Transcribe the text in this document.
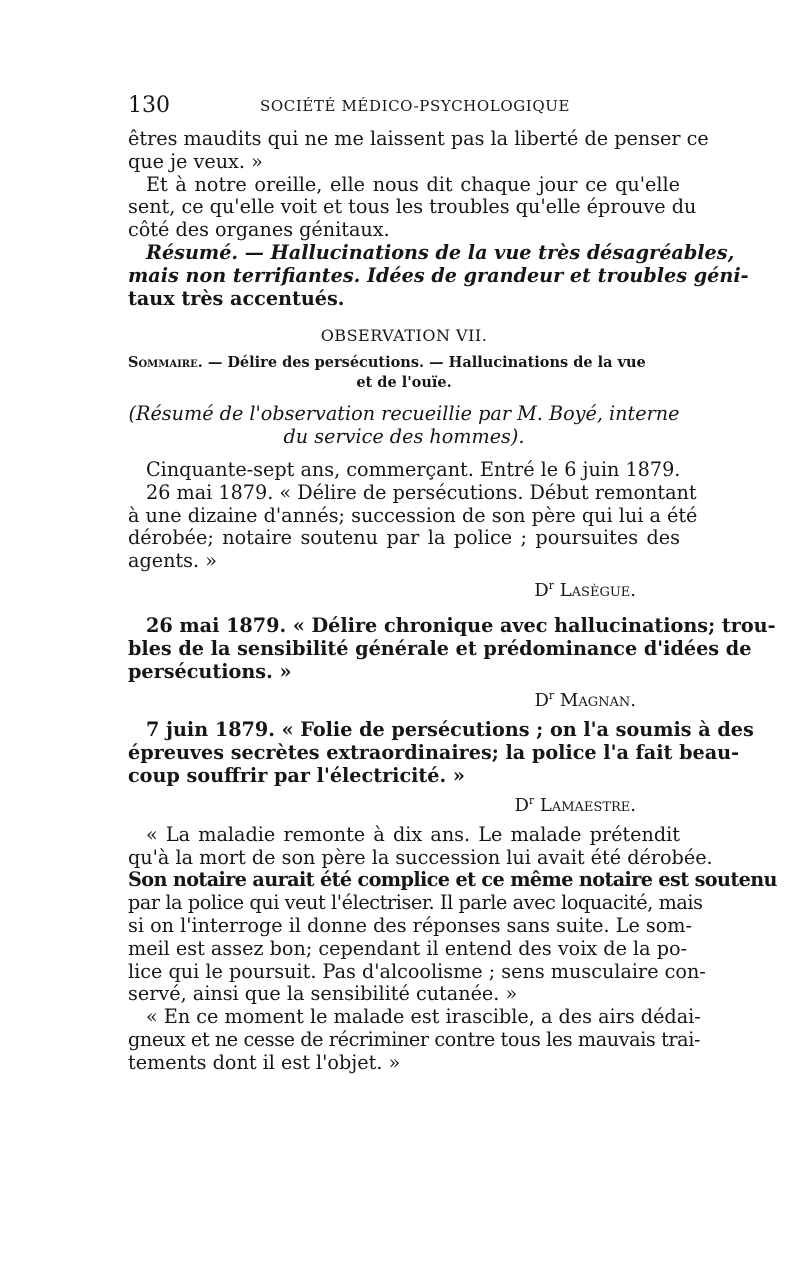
130	SOCIÉTÉ MÉDICO-PSYCHOLOGIQUE
êtres maudits qui ne me laissent pas la liberté de penser ce
que je veux. »
Et à notre oreille, elle nous dit chaque jour ce qu'elle
sent, ce qu'elle voit et tous les troubles qu'elle éprouve du
côté des organes génitaux.
Résumé. — Hallucinations de la vue très désagréables,
mais non terrifiantes. Idées de grandeur et troubles géni-
taux très accentués.
OBSERVATION VII.
Sommaire. — Délire des persécutions. — Hallucinations de la vue
et de l'ouïe.
(Résumé de l'observation recueillie par M. Boyé, interne
du service des hommes).
Cinquante-sept ans, commerçant. Entré le 6 juin 1879.
26 mai 1879. « Délire de persécutions. Début remontant
à une dizaine d'annés; succession de son père qui lui a été
dérobée; notaire soutenu par la police ; poursuites des
agents. »
$D^r$ Lasègue.
26 mai 1879. « Délire chronique avec hallucinations; trou-
bles de la sensibilité générale et prédominance d'idées de
persécutions. »
$D^r$ Magnan.
7 juin 1879. « Folie de persécutions ; on l'a soumis à des
épreuves secrètes extraordinaires; la police l'a fait beau-
coup souffrir par l'électricité. »
$D^r$ Lamaestre.
« La maladie remonte à dix ans. Le malade prétendit
qu'à la mort de son père la succession lui avait été dérobée.
Son notaire aurait été complice et ce même notaire est soutenu
par la police qui veut l'électriser. Il parle avec loquacité, mais
si on l'interroge il donne des réponses sans suite. Le som-
meil est assez bon; cependant il entend des voix de la po-
lice qui le poursuit. Pas d'alcoolisme ; sens musculaire con-
servé, ainsi que la sensibilité cutanée. »
« En ce moment le malade est irascible, a des airs dédai-
gneux et ne cesse de récriminer contre tous les mauvais trai-
tements dont il est l'objet. »
